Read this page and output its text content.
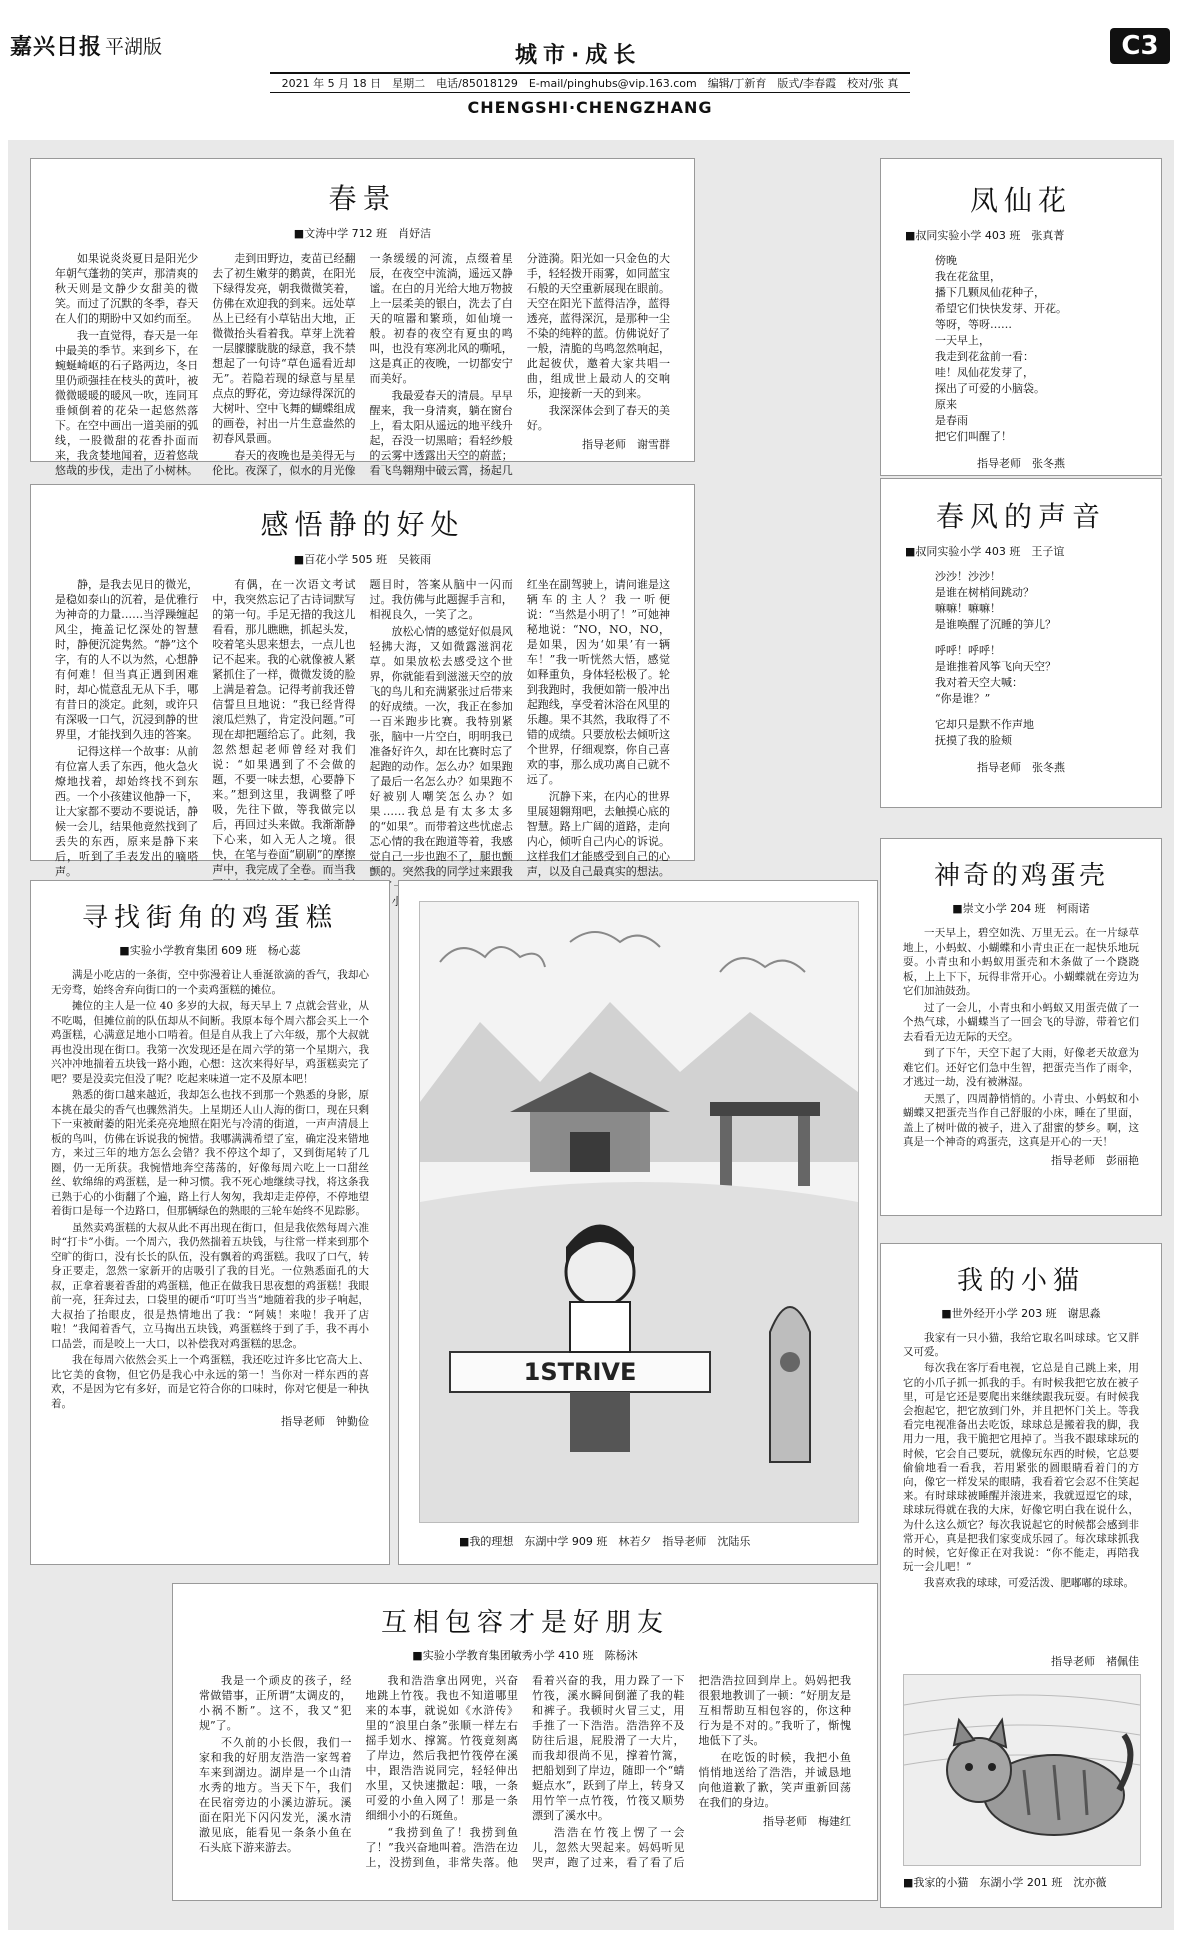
嘉兴日报 平湖版	城市·成长	C3
2021 年 5 月 18 日　星期二　电话/85018129　E-mail/pinghubs@vip.163.com　编辑/丁新育　版式/李春霞　校对/张 真
CHENGSHI·CHENGZHANG
春景
■文涛中学 712 班　肖妤洁

如果说炎炎夏日是阳光少年朝气蓬勃的笑声，那清爽的秋天则是文静少女甜美的微笑。而过了沉默的冬季，春天在人们的期盼中又如约而至。

我一直觉得，春天是一年中最美的季节。来到乡下，在蜿蜒崎岖的石子路两边，冬日里仍顽强挂在枝头的黄叶，被微微暖暖的暖风一吹，连同耳垂倾倒着的花朵一起悠然落下。在空中画出一道美丽的弧线，一股微甜的花香扑面而来，我贪婪地闻着，迈着悠哉悠哉的步伐，走出了小树林。

走到田野边，麦苗已经翻去了初生嫩芽的鹅黄，在阳光下绿得发亮，朝我微微笑着，仿佛在欢迎我的到来。远处草丛上已经有小草钻出大地，正微微抬头看着我。草芽上洗着一层朦朦胧胧的绿意，我不禁想起了一句诗“草色遥看近却无”。若隐若现的绿意与星星点点的野花，旁边绿得深沉的大树叶、空中飞舞的蝴蝶组成的画卷，衬出一片生意盎然的初春风景画。

春天的夜晚也是美得无与伦比。夜深了，似水的月光像一条缓缓的河流，点缀着星辰，在夜空中流淌，遥远又静谧。在白的月光给大地万物披上一层柔美的银白，洗去了白天的喧嚣和繁琐，如仙境一般。初春的夜空有夏虫的鸣叫，也没有寒冽北风的嘶吼，这是真正的夜晚，一切都安宁而美好。

我最爱春天的清晨。早早醒来，我一身清爽，躺在窗台上，看太阳从遥远的地平线升起，吞没一切黑暗；看轻纱般的云雾中透露出天空的蔚蓝；看飞鸟翱翔中破云霄，扬起几分涟漪。阳光如一只金色的大手，轻轻拨开雨雾，如同蓝宝石般的天空重新展现在眼前。天空在阳光下蓝得洁净，蓝得透亮，蓝得深沉，是那种一尘不染的纯粹的蓝。仿佛说好了一般，清脆的鸟鸣忽然响起，此起彼伏，邀着大家共唱一曲，组成世上最动人的交响乐，迎接新一天的到来。

我深深体会到了春天的美好。

指导老师　谢雪群
感悟静的好处
■百花小学 505 班　吴筱雨

静，是我去见日的微光，是稳如泰山的沉着，是优雅行为神奇的力量……当浮躁缠起风尘，掩盖记忆深处的智慧时，静便沉淀隽然。“静”这个字，有的人不以为然，心想静有何难！但当真正遇到困难时，却心慌意乱无从下手，哪有昔日的淡定。此刻，或许只有深吸一口气，沉浸到静的世界里，才能找到久违的答案。

记得这样一个故事：从前有位富人丢了东西，他火急火燎地找着，却始终找不到东西。一个小孩建议他静一下，让大家都不要动不要说话，静候一会儿，结果他竟然找到了丢失的东西，原来是静下来后，听到了手表发出的嘀嗒声。

有偶，在一次语文考试中，我突然忘记了古诗词默写的第一句。手足无措的我这儿看看，那儿瞧瞧，抓起头发，咬着笔头思来想去，一点儿也记不起来。我的心就像被人紧紧抓住了一样，微微发烫的脸上满是着急。记得考前我还曾信誓旦旦地说：“我已经背得滚瓜烂熟了，肯定没问题。”可现在却把题给忘了。此刻，我忽然想起老师曾经对我们说：“如果遇到了不会做的题，不要一味去想，心要静下来。”想到这里，我调整了呼吸，先往下做，等我做完以后，再回过头来做。我渐渐静下心来，如入无人之境。很快，在笔与卷面“刷刷”的摩擦声中，我完成了全卷。而当我 题目时，答案从脑中一闪而过。我仿佛与此题握手言和，相视良久，一笑了之。

放松心情的感觉好似晨风轻拂大海，又如微露滋润花草。如果放松去感受这个世界，你就能看到滋滋天空的放飞的鸟儿和充满紧张过后带来的好成绩。一次，我正在参加一百米跑步比赛。我特别紧张，脑中一片空白，明明我已准备好许久，却在比赛时忘了起跑的动作。怎么办？如果跑了最后一名怎么办？如果跑不好被别人嘲笑怎么办？如果……我总是有太多太多的“如果”。而带着这些忧虑忐忑心情的我在跑道等着，我感觉自己一步也跑不了，腿也颤颤的。突然我的同学过来跟我 了一 车，小明 红坐在副驾驶上，请问谁是这辆车的主人？我一听便说：“当然是小明了！”可她神秘地说：“NO，NO，NO，是如果，因为‘如果’有一辆车！”我一听恍然大悟，感觉如释重负，身体轻松极了。轮到我跑时，我便如箭一般冲出起跑线，享受着沐浴在风里的乐趣。果不其然，我取得了不错的成绩。只要放松去倾听这个世界，仔细观察，你自己喜欢的事，那么成功离自己就不远了。

沉静下来，在内心的世界里展翅翱翔吧，去触摸心底的智慧。路上广阔的道路，走向内心，倾听自己内心的诉说。这样我们才能感受到自己的心声，以及自己最真实的想法。

寻找街角的鸡蛋糕
■实验小学教育集团 609 班　杨心蕊

满是小吃店的一条街，空中弥漫着让人垂涎欲滴的香气，我却心无旁骛，始终舍弃向街口的一个卖鸡蛋糕的摊位。

摊位的主人是一位 40 多岁的大叔，每天早上 7 点就会营业，从不吃喝，但摊位前的队伍却从不间断。我原本每个周六都会买上一个鸡蛋糕，心满意足地小口啃着。但是自从我上了六年级，那个大叔就再也没出现在街口。我第一次发现还是在周六学的第一个星期六，我兴冲冲地揣着五块钱一路小跑，心想：这次来得好早，鸡蛋糕卖完了吧？要是没卖完但没了呢？吃起来味道一定不及原本吧！

熟悉的街口越来越近，我却怎么也找不到那一个熟悉的身影，原本挑在最尖的香气也骤然消失。上星期还人山人海的街口，现在只剩下一束被耐萎的阳光柔亮亮地照在阳光与冷清的街道，一声声清晨上板的鸟叫，仿佛在诉说我的惋惜。我哪满满希望了室，确定没来错地方，来过三年的地方怎么会错？我不停这个却了，又到街尾转了几圈，仍一无所获。我惋惜地奔空荡荡的，好像每周六吃上一口甜丝丝、软绵绵的鸡蛋糕，是一种习惯。我不死心地继续寻找，将这条我已熟于心的小街翻了个遍，路上行人匆匆，我却走走停停，不停地望着街口是每一个边路口，但那辆绿色的熟眼的三轮车始终不见踪影。

虽然卖鸡蛋糕的大叔从此不再出现在街口，但是我依然每周六准时“打卡”小街。一个周六，我仍然揣着五块钱，与往常一样来到那个空旷的街口，没有长长的队伍，没有飘着的鸡蛋糕。我叹了口气，转身正要走，忽然一家新开的店吸引了我的目光。一位熟悉面孔的大叔，正拿着裹着香甜的鸡蛋糕，他正在做我日思夜想的鸡蛋糕！我眼前一亮，狂奔过去，口袋里的硬币“叮叮当当”地随着我的步子响起，大叔抬了抬眼皮，很是热情地出了我：“阿姨！来啦！我开了店啦！”我闻着香气，立马掏出五块钱，鸡蛋糕终于到了手，我不再小口品尝，而是咬上一大口，以补偿我对鸡蛋糕的思念。

我在每周六依然会买上一个鸡蛋糕，我还吃过许多比它高大上、比它美的食物，但它仍是我心中永远的第一！当你对一样东西的喜欢，不是因为它有多好，而是它符合你的口味时，你对它便是一种执着。

指导老师　钟勤俭
1STRIVE
■我的理想　东湖中学 909 班　林若夕　指导老师　沈陆乐
互相包容才是好朋友
■实验小学教育集团敏秀小学 410 班　陈杨沐

我是一个顽皮的孩子，经常做错事，正所谓“太调皮的，小祸不断”。这不，我又“犯规”了。

不久前的小长假，我们一家和我的好朋友浩浩一家驾着车来到湖边。湖岸是一个山清水秀的地方。当天下午，我们在民宿旁边的小溪边游玩。溪面在阳光下闪闪发光，溪水清澈见底，能看见一条条小鱼在石头底下游来游去。

我和浩浩拿出网兜，兴奋地跳上竹筏。我也不知道哪里来的本事，就说如《水浒传》里的“浪里白条”张顺一样左右摇手划水、撑篙。竹筏竟刻离了岸边，然后我把竹筏停在溪中，跟浩浩说同完，轻轻伸出水里，又快速撒起：哦，一条可爱的小鱼入网了！那是一条细细小小的石斑鱼。

“我捞到鱼了！我捞到鱼了！”我兴奋地叫着。浩浩在边上，没捞到鱼，非常失落。他看着兴奋的我，用力跺了一下竹筏，溪水瞬间倒灌了我的鞋和裤子。我顿时火冒三丈，用手推了一下浩浩。浩浩猝不及防往后退，屁股滑了一大片，而我却很尚不见，撑着竹篙，把船划到了岸边，随即一个“蜻蜓点水”，跃到了岸上，转身又用竹竿一点竹筏，竹筏又顺势漂到了溪水中。

浩浩在竹筏上愣了一会儿，忽然大哭起来。妈妈听见哭声，跑了过来，看了看了后把浩浩拉回到岸上。妈妈把我很狠地教训了一顿：“好朋友是互相帮助互相包容的，你这种行为是不对的。”我听了，惭愧地低下了头。

在吃饭的时候，我把小鱼悄悄地送给了浩浩，并诚恳地向他道歉了歉，笑声重新回荡在我们的身边。

指导老师　梅建红
凤仙花
■叔同实验小学 403 班　张真菁

傍晚

我在花盆里，

播下几颗凤仙花种子，

希望它们快快发芽、开花。

等呀，等呀……

一天早上，

我走到花盆前一看：

哇！凤仙花发芽了，

探出了可爱的小脑袋。

原来

是春雨

把它们叫醒了！

指导老师　张冬燕
春风的声音
■叔同实验小学 403 班　王子谊

沙沙！沙沙！

是谁在树梢间跳动？

嘛嘛！嘛嘛！

是谁唤醒了沉睡的笋儿？

呼呼！呼呼！

是谁推着风筝飞向天空？

我对着天空大喊：

“你是谁？”

它却只是默不作声地

抚摸了我的脸颊

指导老师　张冬燕
神奇的鸡蛋壳
■崇文小学 204 班　柯雨诺

一天早上，碧空如洗、万里无云。在一片绿草地上，小蚂蚁、小蝴蝶和小青虫正在一起快乐地玩耍。小青虫和小蚂蚁用蛋壳和木条做了一个跷跷板，上上下下，玩得非常开心。小蝴蝶就在旁边为它们加油鼓劲。

过了一会儿，小青虫和小蚂蚁又用蛋壳做了一个热气球，小蝴蝶当了一回会飞的导游，带着它们去看看无边无际的天空。

到了下午，天空下起了大雨，好像老天故意为难它们。还好它们急中生智，把蛋壳当作了雨伞，才逃过一劫，没有被淋湿。

天黑了，四周静悄悄的。小青虫、小蚂蚁和小蝴蝶又把蛋壳当作自己舒服的小床，睡在了里面，盖上了树叶做的被子，进入了甜蜜的梦乡。啊，这真是一个神奇的鸡蛋壳，这真是开心的一天！

指导老师　彭丽艳
我的小猫
■世外经开小学 203 班　谢思淼

我家有一只小猫，我给它取名叫球球。它又胖又可爱。

每次我在客厅看电视，它总是自己跳上来，用它的小爪子抓一抓我的手。有时候我把它放在被子里，可是它还是要爬出来继续跟我玩耍。有时候我会抱起它，把它放到门外，并且把怀门关上。等我看完电视准备出去吃饭，球球总是搬着我的脚，我用力一甩，我干脆把它甩掉了。当我不跟球球玩的时候，它会自己要玩，就像玩东西的时候，它总要偷偷地看一看我，若用紧张的圆眼睛看着门的方向，像它一样发呆的眼睛，我看着它会忍不住笑起来。有时球球被睡醒并滚进来，我就逗逗它的球，球球玩得就在我的大床，好像它明白我在说什么，为什么这么烦它？每次我说起它的时候都会感到非常开心，真是把我们家变成乐园了。每次球球抓我的时候，它好像正在对我说：“你不能走，再陪我玩一会儿吧！”

我喜欢我的球球，可爱活泼、肥嘟嘟的球球。

指导老师　褚佩佳
■我家的小猫　东湖小学 201 班　沈亦薇
